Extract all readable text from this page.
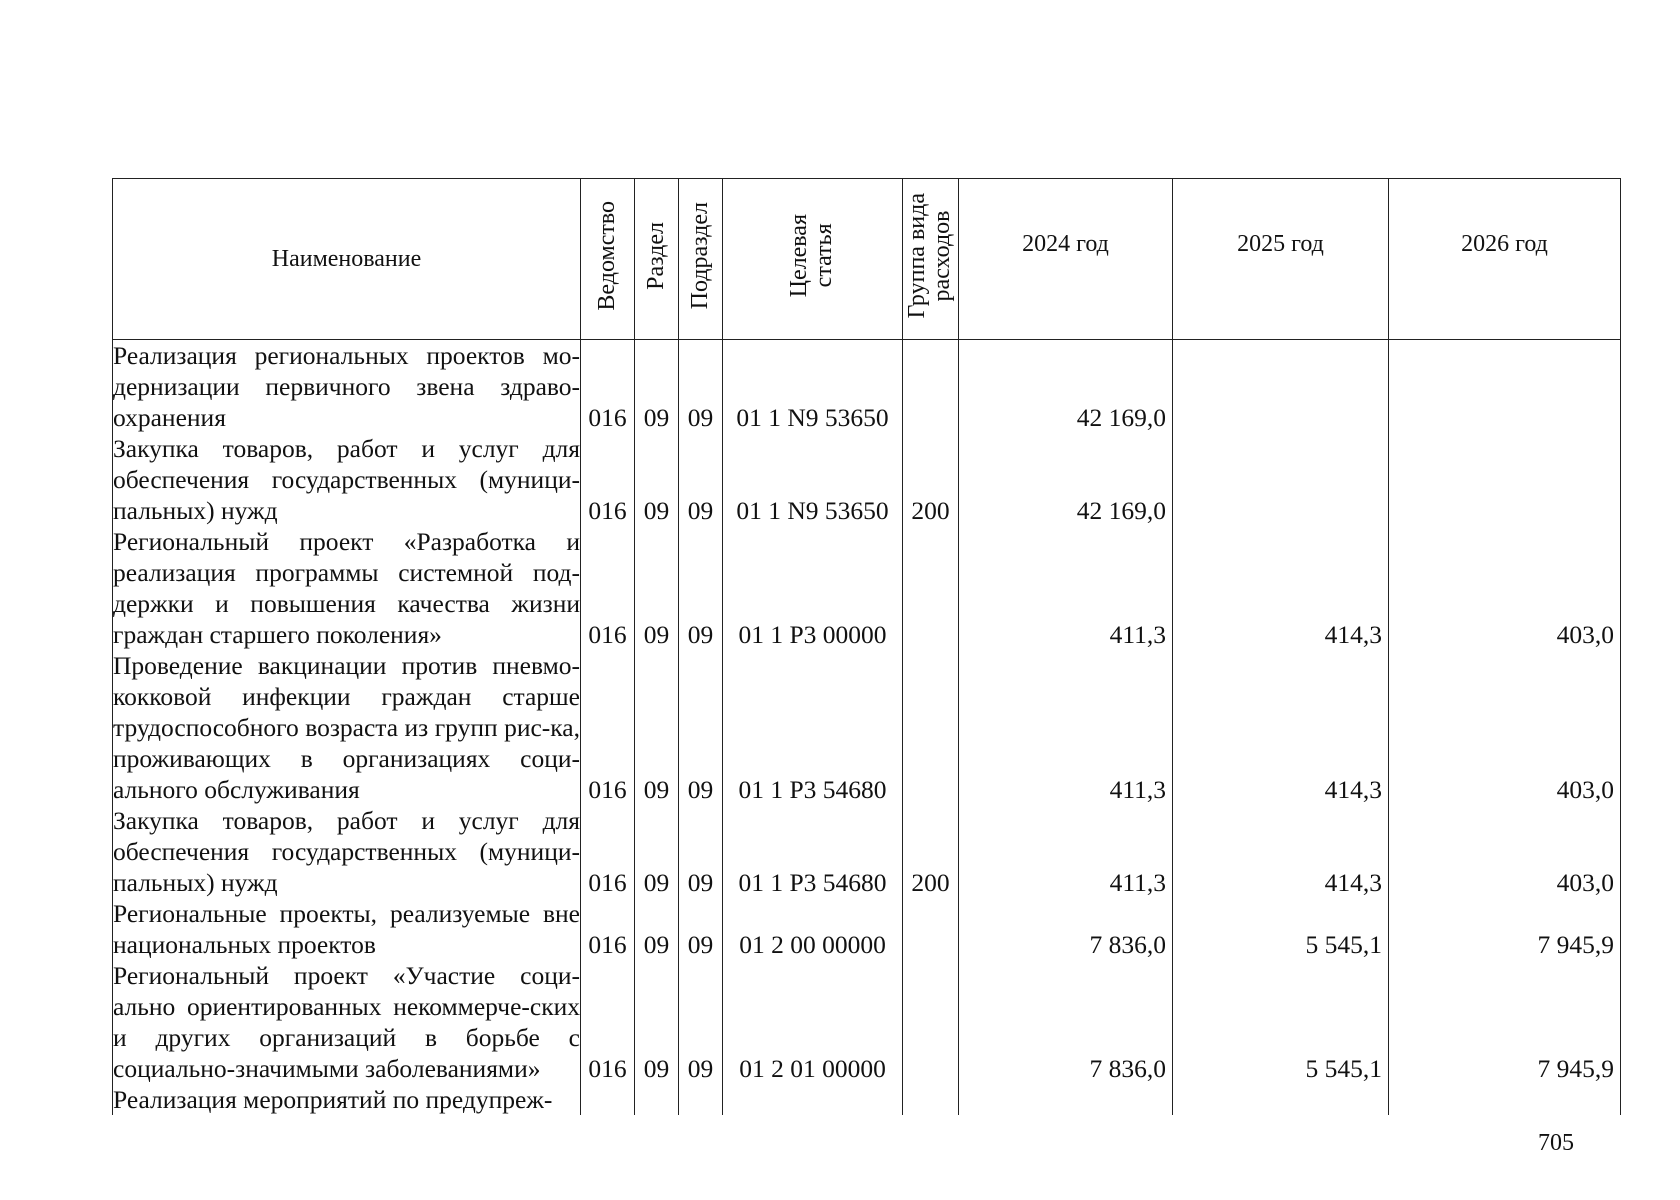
Наименование	Ведомство	Раздел	Подраздел	Целевая
статья	Группа вида
расходов	2024 год	2025 год	2026 год

Реализация региональных проектов мо-дернизации первичного звена здраво-охранения	016	09	09	01 1 N9 53650		42 169,0		

Закупка товаров, работ и услуг для обеспечения государственных (муници-пальных) нужд	016	09	09	01 1 N9 53650	200	42 169,0		

Региональный проект «Разработка и реализация программы системной под-держки и повышения качества жизни граждан старшего поколения»	016	09	09	01 1 P3 00000		411,3	414,3	403,0

Проведение вакцинации против пневмо-кокковой инфекции граждан старше трудоспособного возраста из групп рис-ка, проживающих в организациях соци-ального обслуживания	016	09	09	01 1 P3 54680		411,3	414,3	403,0

Закупка товаров, работ и услуг для обеспечения государственных (муници-пальных) нужд	016	09	09	01 1 P3 54680	200	411,3	414,3	403,0

Региональные проекты, реализуемые вне национальных проектов	016	09	09	01 2 00 00000		7 836,0	5 545,1	7 945,9

Региональный проект «Участие соци-ально ориентированных некоммерче-ских и других организаций в борьбе с социально-значимыми заболеваниями»	016	09	09	01 2 01 00000		7 836,0	5 545,1	7 945,9

Реализация мероприятий по предупреж-								

705
